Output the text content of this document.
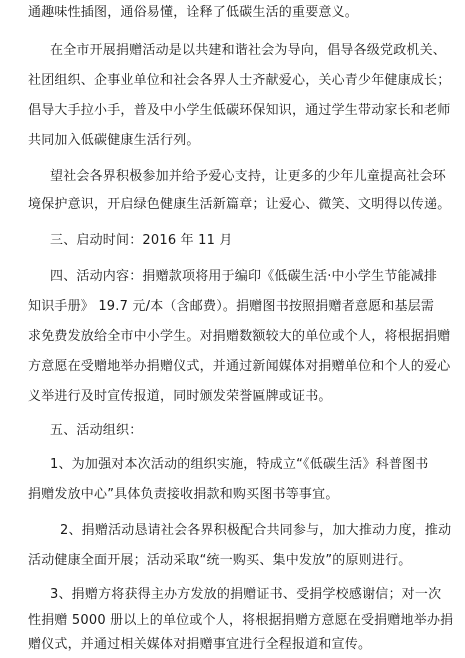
通趣味性插图，通俗易懂，诠释了低碳生活的重要意义。
在全市开展捐赠活动是以共建和谐社会为导向，倡导各级党政机关、
社团组织、企事业单位和社会各界人士齐献爱心，关心青少年健康成长；
倡导大手拉小手，普及中小学生低碳环保知识，通过学生带动家长和老师
共同加入低碳健康生活行列。
望社会各界积极参加并给予爱心支持，让更多的少年儿童提高社会环
境保护意识，开启绿色健康生活新篇章；让爱心、微笑、文明得以传递。
三、启动时间：2016 年 11 月
四、活动内容：捐赠款项将用于编印《低碳生活·中小学生节能减排
知识手册》 19.7 元/本（含邮费）。捐赠图书按照捐赠者意愿和基层需
求免费发放给全市中小学生。对捐赠数额较大的单位或个人，将根据捐赠
方意愿在受赠地举办捐赠仪式，并通过新闻媒体对捐赠单位和个人的爱心
义举进行及时宣传报道，同时颁发荣誉匾牌或证书。
五、活动组织：
1、为加强对本次活动的组织实施，特成立“《低碳生活》科普图书
捐赠发放中心”具体负责接收捐款和购买图书等事宜。
2、捐赠活动恳请社会各界积极配合共同参与，加大推动力度，推动
活动健康全面开展；活动采取“统一购买、集中发放”的原则进行。
3、捐赠方将获得主办方发放的捐赠证书、受捐学校感谢信；对一次
性捐赠 5000 册以上的单位或个人，将根据捐赠方意愿在受捐赠地举办捐
赠仪式，并通过相关媒体对捐赠事宜进行全程报道和宣传。
